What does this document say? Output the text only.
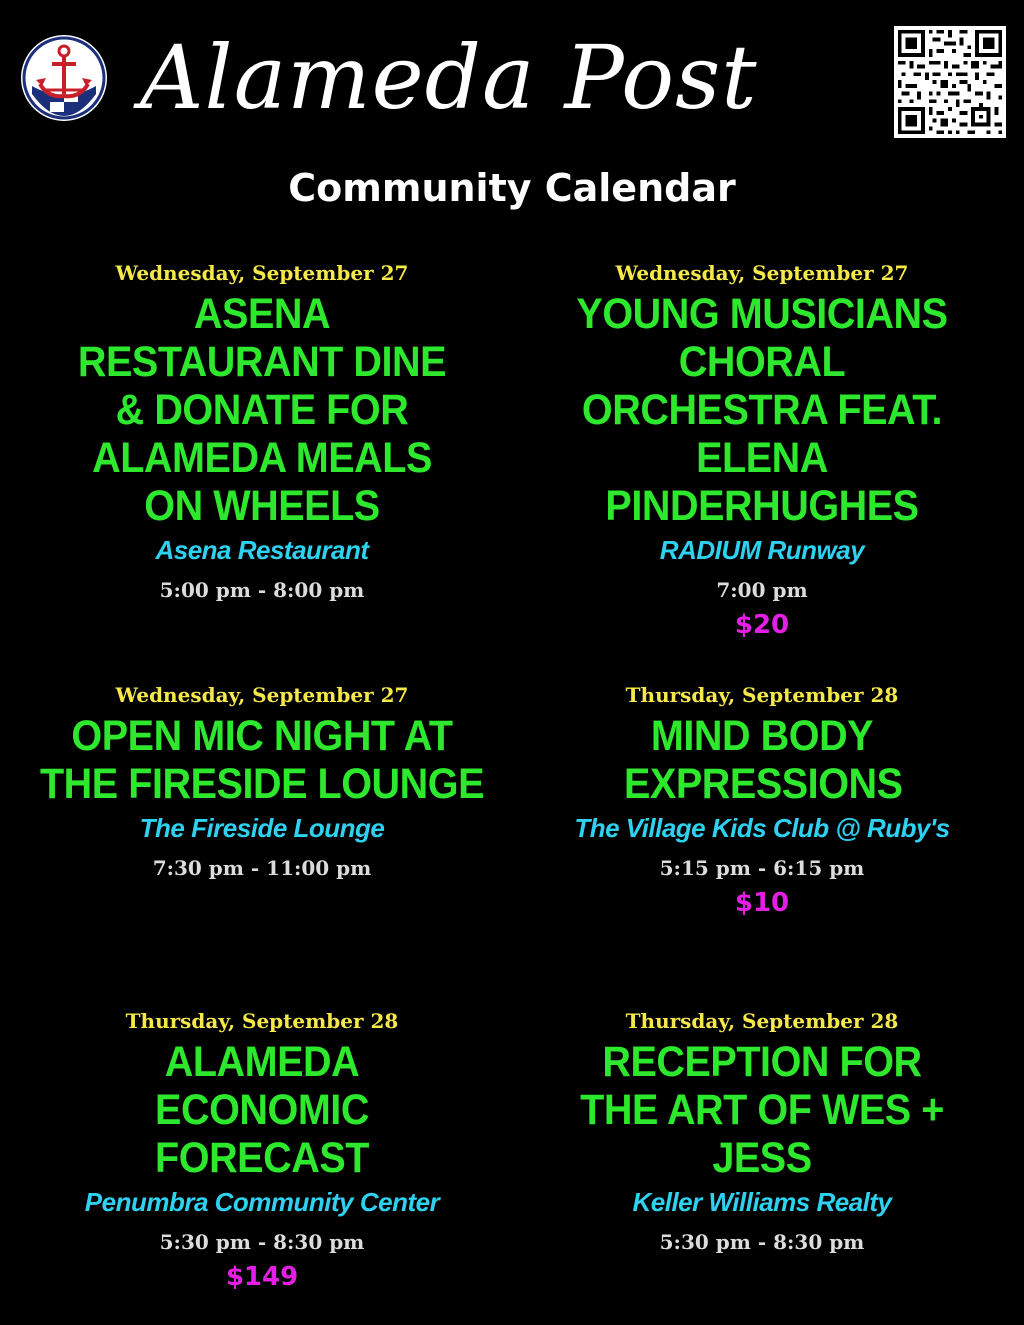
Alameda Post
Community Calendar
Wednesday, September 27
ASENA RESTAURANT DINE & DONATE FOR ALAMEDA MEALS ON WHEELS
Asena Restaurant
5:00 pm - 8:00 pm
Wednesday, September 27
YOUNG MUSICIANS CHORAL ORCHESTRA FEAT. ELENA PINDERHUGHES
RADIUM Runway
7:00 pm
$20
Wednesday, September 27
OPEN MIC NIGHT AT THE FIRESIDE LOUNGE
The Fireside Lounge
7:30 pm - 11:00 pm
Thursday, September 28
MIND BODY EXPRESSIONS
The Village Kids Club @ Ruby's
5:15 pm - 6:15 pm
$10
Thursday, September 28
ALAMEDA ECONOMIC FORECAST
Penumbra Community Center
5:30 pm - 8:30 pm
$149
Thursday, September 28
RECEPTION FOR THE ART OF WES + JESS
Keller Williams Realty
5:30 pm - 8:30 pm
